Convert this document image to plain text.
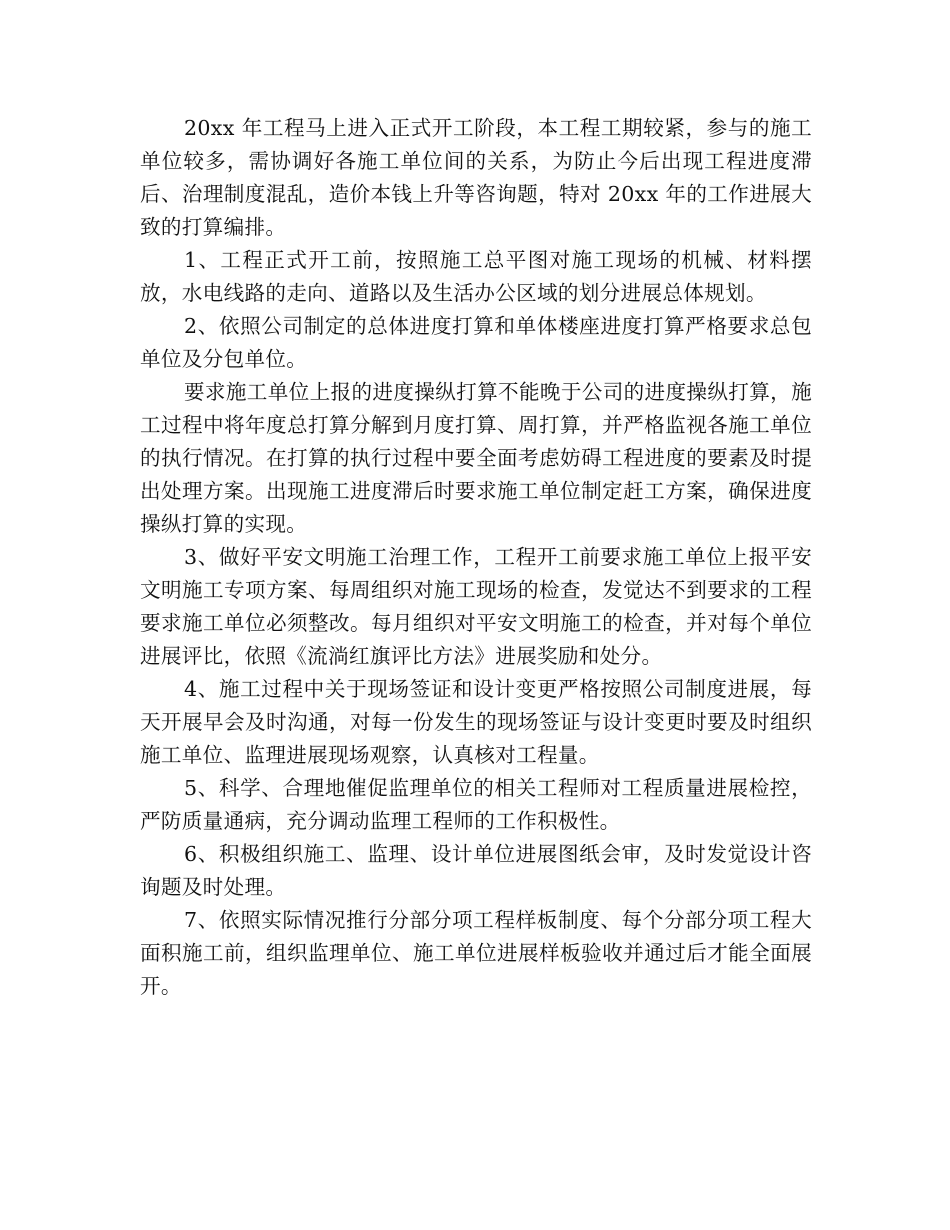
20xx 年工程马上进入正式开工阶段，本工程工期较紧，参与的施工单位较多，需协调好各施工单位间的关系，为防止今后出现工程进度滞后、治理制度混乱，造价本钱上升等咨询题，特对 20xx 年的工作进展大致的打算编排。

1、工程正式开工前，按照施工总平图对施工现场的机械、材料摆放，水电线路的走向、道路以及生活办公区域的划分进展总体规划。

2、依照公司制定的总体进度打算和单体楼座进度打算严格要求总包单位及分包单位。

要求施工单位上报的进度操纵打算不能晚于公司的进度操纵打算，施工过程中将年度总打算分解到月度打算、周打算，并严格监视各施工单位的执行情况。在打算的执行过程中要全面考虑妨碍工程进度的要素及时提出处理方案。出现施工进度滞后时要求施工单位制定赶工方案，确保进度操纵打算的实现。

3、做好平安文明施工治理工作，工程开工前要求施工单位上报平安文明施工专项方案、每周组织对施工现场的检查，发觉达不到要求的工程要求施工单位必须整改。每月组织对平安文明施工的检查，并对每个单位进展评比，依照《流淌红旗评比方法》进展奖励和处分。

4、施工过程中关于现场签证和设计变更严格按照公司制度进展，每天开展早会及时沟通，对每一份发生的现场签证与设计变更时要及时组织施工单位、监理进展现场观察，认真核对工程量。

5、科学、合理地催促监理单位的相关工程师对工程质量进展检控，严防质量通病，充分调动监理工程师的工作积极性。

6、积极组织施工、监理、设计单位进展图纸会审，及时发觉设计咨询题及时处理。

7、依照实际情况推行分部分项工程样板制度、每个分部分项工程大面积施工前，组织监理单位、施工单位进展样板验收并通过后才能全面展开。
